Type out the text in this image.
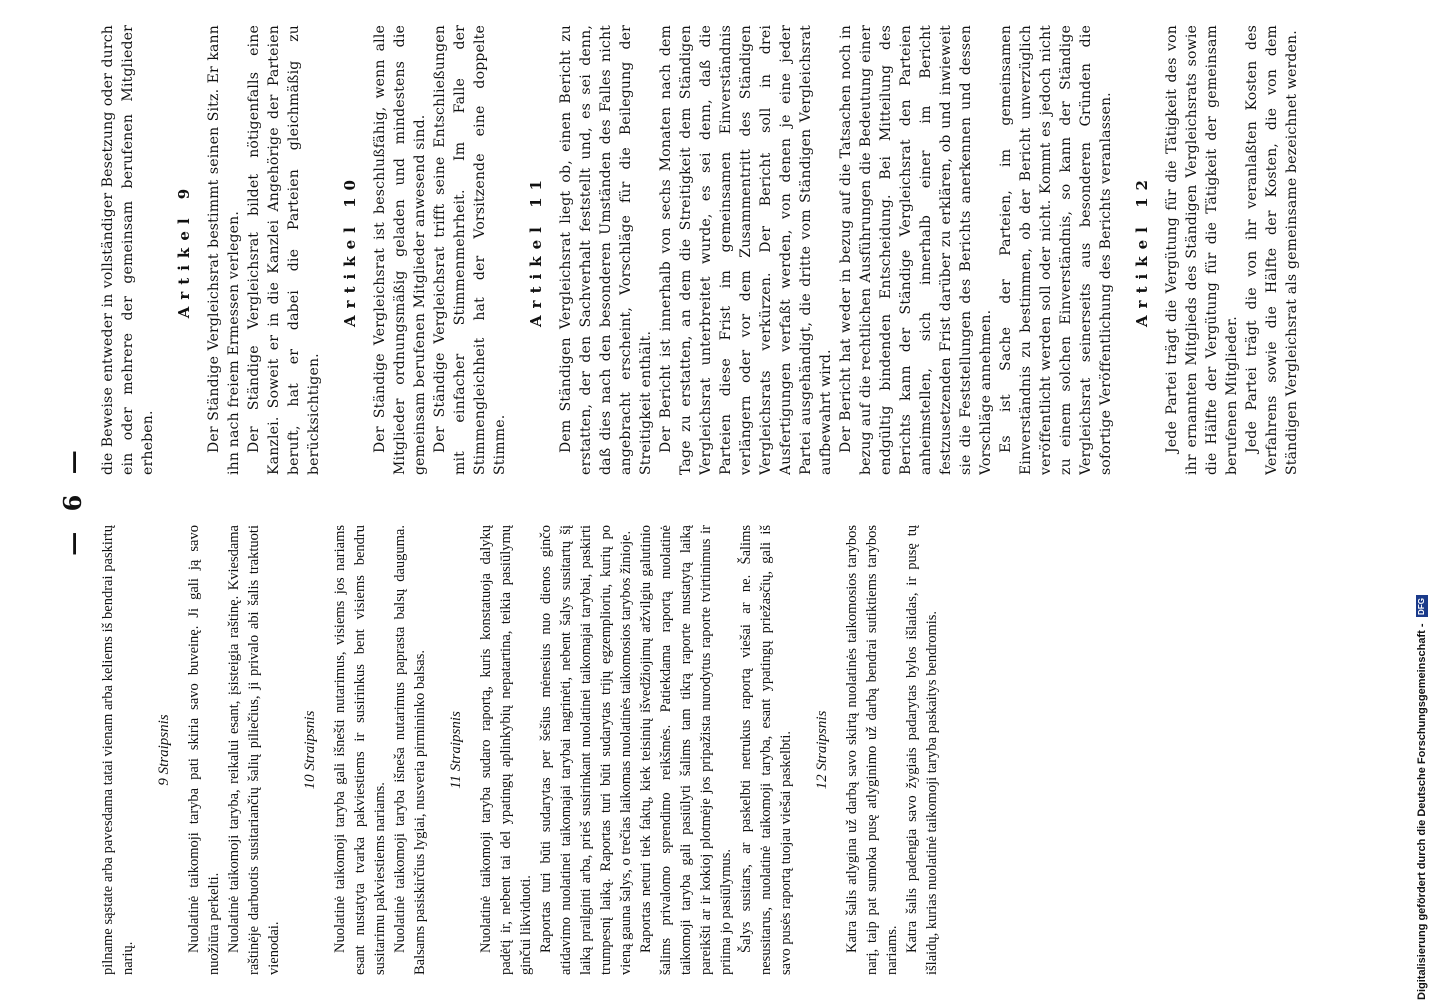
— 6 —

pilname sąstate arba pavesdama tatai vienam arba keliems iš bendrai paskirtų narių.

9 Straipsnis Nuolatinė taikomoji taryba pati skiria savo buveinę. Ji gali ją savo nuožiūra perkelti. Nuolatinė taikomoji taryba, reikalui esant, įsisteigia raštinę. Kviesdama raštinėje darbuotis susitariančių šalių piliečius, ji privalo abi šalis traktuoti vienodai.

10 Straipsnis Nuolatinė taikomoji taryba gali išnešti nutarimus, visiems jos nariams esant nustatyta tvarka pakviestiems ir susirinkus bent visiems bendru susitarimu pakviestiems nariams. Nuolatinė taikomoji taryba išneša nutarimus paprasta balsų dauguma. Balsams pasiskirčius lygiai, nusveria pirmininko balsas. 11 Straipsnis Nuolatinė taikomoji taryba sudaro raportą, kuris konstatuoja dalykų padėtį ir, nebent tai del ypatingų aplinkybių nepatartina, teikia pasiūlymų ginčui likviduoti. Raportas turi būti sudarytas per šešius mėnesius nuo dienos ginčo atidavimo nuolatinei taikomajai tarybai nagrinėti, nebent šalys susitartų šį laiką prailginti arba, prieš susirinkant nuolatinei taikomajai tarybai, paskirti trumpesnį laiką. Raportas turi būti sudarytas trijų egzemplioriu, kurių po vieną gauna šalys, o trečias laikomas nuolatinės taikomosios tarybos žinioje. Raportas neturi tiek faktų, kiek teisinių išvedžiojimų atžvilgiu galutinio šalims privalomo sprendimo reikšmės. Patiekdama raportą nuolatinė taikomoji taryba gali pasiūlyti šalims tam tikrą raporte nustatytą laiką pareikšti ar ir kokioj plotmėje jos pripažista nurodytus raporte tvirtinimus ir priima jo pasiūlymus. Šalys susitars, ar paskelbti netrukus raportą viešai ar ne. Šalims nesusitarus, nuolatinė taikomoji taryba, esant ypatingų priežasčių, gali iš savo pusės raportą tuojau viešai paskelbti. 12 Straipsnis Katra šalis atlygina už darbą savo skirtą nuolatinės taikomosios tarybos narį, taip pat sumoka pusę atlyginimo už darbą bendrai sutiktiems tarybos nariams. Katra šalis padengia savo žygiais padarytas bylos išlaidas, ir pusę tų išlaidų, kurias nuolatinė taikomoji taryba paskaitys bendromis.

die Beweise entweder in vollständiger Besetzung oder durch ein oder mehrere der gemeinsam berufenen Mitglieder erheben.

Artikel 9 Der Ständige Vergleichsrat bestimmt seinen Sitz. Er kann ihn nach freiem Ermessen verlegen. Der Ständige Vergleichsrat bildet nötigenfalls eine Kanzlei. Soweit er in die Kanzlei Angehörige der Parteien beruft, hat er dabei die Parteien gleichmäßig zu berücksichtigen.

Artikel 10 Der Ständige Vergleichsrat ist beschlußfähig, wenn alle Mitglieder ordnungsmäßig geladen und mindestens die gemeinsam berufenen Mitglieder anwesend sind. Der Ständige Vergleichsrat trifft seine Entschließungen mit einfacher Stimmenmehrheit. Im Falle der Stimmengleichheit hat der Vorsitzende eine doppelte Stimme.

Artikel 11 Dem Ständigen Vergleichsrat liegt ob, einen Bericht zu erstatten, der den Sachverhalt feststellt und, es sei denn, daß dies nach den besonderen Umständen des Falles nicht angebracht erscheint, Vorschläge für die Beilegung der Streitigkeit enthält. Der Bericht ist innerhalb von sechs Monaten nach dem Tage zu erstatten, an dem die Streitigkeit dem Ständigen Vergleichsrat unterbreitet wurde, es sei denn, daß die Parteien diese Frist im gemeinsamen Einverständnis verlängern oder vor dem Zusammentritt des Ständigen Vergleichsrats verkürzen. Der Bericht soll in drei Ausfertigungen verfaßt werden, von denen je eine jeder Partei ausgehändigt, die dritte vom Ständigen Vergleichsrat aufbewahrt wird. Der Bericht hat weder in bezug auf die Tatsachen noch in bezug auf die rechtlichen Ausführungen die Bedeutung einer endgültig bindenden Entscheidung. Bei Mitteilung des Berichts kann der Ständige Vergleichsrat den Parteien anheimstellen, sich innerhalb einer im Bericht festzusetzenden Frist darüber zu erklären, ob und inwieweit sie die Feststellungen des Berichts anerkennen und dessen Vorschläge annehmen. Es ist Sache der Parteien, im gemeinsamen Einverständnis zu bestimmen, ob der Bericht unverzüglich veröffentlicht werden soll oder nicht. Kommt es jedoch nicht zu einem solchen Einverständnis, so kann der Ständige Vergleichsrat seinerseits aus besonderen Gründen die sofortige Veröffentlichung des Berichts veranlassen. Artikel 12 Jede Partei trägt die Vergütung für die Tätigkeit des von ihr ernannten Mitglieds des Ständigen Vergleichsrats sowie die Hälfte der Vergütung für die Tätigkeit der gemeinsam berufenen Mitglieder. Jede Partei trägt die von ihr veranlaßten Kosten des Verfahrens sowie die Hälfte der Kosten, die von dem Ständigen Vergleichsrat als gemeinsame bezeichnet werden.

Digitalisierung gefördert durch die Deutsche Forschungsgemeinschaft -
DFG
